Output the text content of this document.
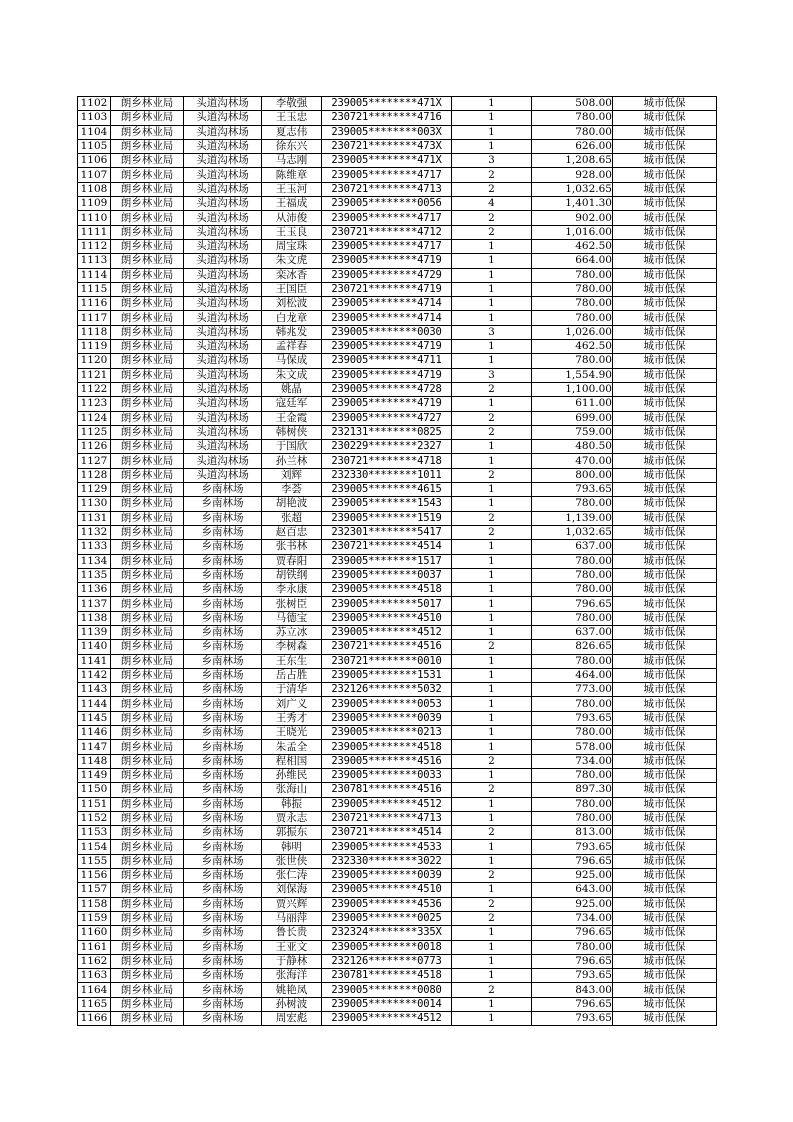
1102	朗乡林业局	头道沟林场	李敬强	239005********471X	1	508.00	城市低保
1103	朗乡林业局	头道沟林场	王玉忠	230721********4716	1	780.00	城市低保
1104	朗乡林业局	头道沟林场	夏志伟	239005********003X	1	780.00	城市低保
1105	朗乡林业局	头道沟林场	徐东兴	230721********473X	1	626.00	城市低保
1106	朗乡林业局	头道沟林场	马志刚	239005********471X	3	1,208.65	城市低保
1107	朗乡林业局	头道沟林场	陈维章	239005********4717	2	928.00	城市低保
1108	朗乡林业局	头道沟林场	王玉河	230721********4713	2	1,032.65	城市低保
1109	朗乡林业局	头道沟林场	王福成	239005********0056	4	1,401.30	城市低保
1110	朗乡林业局	头道沟林场	从沛俊	239005********4717	2	902.00	城市低保
1111	朗乡林业局	头道沟林场	王玉良	230721********4712	2	1,016.00	城市低保
1112	朗乡林业局	头道沟林场	周宝珠	239005********4717	1	462.50	城市低保
1113	朗乡林业局	头道沟林场	朱文虎	239005********4719	1	664.00	城市低保
1114	朗乡林业局	头道沟林场	栾冰香	239005********4729	1	780.00	城市低保
1115	朗乡林业局	头道沟林场	王国臣	230721********4719	1	780.00	城市低保
1116	朗乡林业局	头道沟林场	刘松波	239005********4714	1	780.00	城市低保
1117	朗乡林业局	头道沟林场	白龙章	239005********4714	1	780.00	城市低保
1118	朗乡林业局	头道沟林场	韩兆发	239005********0030	3	1,026.00	城市低保
1119	朗乡林业局	头道沟林场	孟祥春	239005********4719	1	462.50	城市低保
1120	朗乡林业局	头道沟林场	马保成	239005********4711	1	780.00	城市低保
1121	朗乡林业局	头道沟林场	朱文成	239005********4719	3	1,554.90	城市低保
1122	朗乡林业局	头道沟林场	姚晶	239005********4728	2	1,100.00	城市低保
1123	朗乡林业局	头道沟林场	寇廷军	239005********4719	1	611.00	城市低保
1124	朗乡林业局	头道沟林场	王金霞	239005********4727	2	699.00	城市低保
1125	朗乡林业局	头道沟林场	韩树侠	232131********0825	2	759.00	城市低保
1126	朗乡林业局	头道沟林场	于国欣	230229********2327	1	480.50	城市低保
1127	朗乡林业局	头道沟林场	孙兰林	230721********4718	1	470.00	城市低保
1128	朗乡林业局	头道沟林场	刘辉	232330********1011	2	800.00	城市低保
1129	朗乡林业局	乡南林场	李荟	239005********4615	1	793.65	城市低保
1130	朗乡林业局	乡南林场	胡艳波	239005********1543	1	780.00	城市低保
1131	朗乡林业局	乡南林场	张超	239005********1519	2	1,139.00	城市低保
1132	朗乡林业局	乡南林场	赵百忠	232301********5417	2	1,032.65	城市低保
1133	朗乡林业局	乡南林场	张书林	230721********4514	1	637.00	城市低保
1134	朗乡林业局	乡南林场	贾春阳	239005********1517	1	780.00	城市低保
1135	朗乡林业局	乡南林场	胡铁纲	239005********0037	1	780.00	城市低保
1136	朗乡林业局	乡南林场	李永康	239005********4518	1	780.00	城市低保
1137	朗乡林业局	乡南林场	张树臣	239005********5017	1	796.65	城市低保
1138	朗乡林业局	乡南林场	马德宝	239005********4510	1	780.00	城市低保
1139	朗乡林业局	乡南林场	苏立冰	239005********4512	1	637.00	城市低保
1140	朗乡林业局	乡南林场	李树森	230721********4516	2	826.65	城市低保
1141	朗乡林业局	乡南林场	王东生	230721********0010	1	780.00	城市低保
1142	朗乡林业局	乡南林场	岳占胜	239005********1531	1	464.00	城市低保
1143	朗乡林业局	乡南林场	于清华	232126********5032	1	773.00	城市低保
1144	朗乡林业局	乡南林场	刘广义	239005********0053	1	780.00	城市低保
1145	朗乡林业局	乡南林场	王秀才	239005********0039	1	793.65	城市低保
1146	朗乡林业局	乡南林场	王晓光	239005********0213	1	780.00	城市低保
1147	朗乡林业局	乡南林场	朱孟全	239005********4518	1	578.00	城市低保
1148	朗乡林业局	乡南林场	程相国	239005********4516	2	734.00	城市低保
1149	朗乡林业局	乡南林场	孙维民	239005********0033	1	780.00	城市低保
1150	朗乡林业局	乡南林场	张海山	230781********4516	2	897.30	城市低保
1151	朗乡林业局	乡南林场	韩振	239005********4512	1	780.00	城市低保
1152	朗乡林业局	乡南林场	贾永志	230721********4713	1	780.00	城市低保
1153	朗乡林业局	乡南林场	郭振东	230721********4514	2	813.00	城市低保
1154	朗乡林业局	乡南林场	韩明	239005********4533	1	793.65	城市低保
1155	朗乡林业局	乡南林场	张世侠	232330********3022	1	796.65	城市低保
1156	朗乡林业局	乡南林场	张仁涛	239005********0039	2	925.00	城市低保
1157	朗乡林业局	乡南林场	刘保海	239005********4510	1	643.00	城市低保
1158	朗乡林业局	乡南林场	贾兴辉	239005********4536	2	925.00	城市低保
1159	朗乡林业局	乡南林场	马丽萍	239005********0025	2	734.00	城市低保
1160	朗乡林业局	乡南林场	鲁长贵	232324********335X	1	796.65	城市低保
1161	朗乡林业局	乡南林场	王亚文	239005********0018	1	780.00	城市低保
1162	朗乡林业局	乡南林场	于静林	232126********0773	1	796.65	城市低保
1163	朗乡林业局	乡南林场	张海洋	230781********4518	1	793.65	城市低保
1164	朗乡林业局	乡南林场	姚艳凤	239005********0080	2	843.00	城市低保
1165	朗乡林业局	乡南林场	孙树波	239005********0014	1	796.65	城市低保
1166	朗乡林业局	乡南林场	周宏彪	239005********4512	1	793.65	城市低保
